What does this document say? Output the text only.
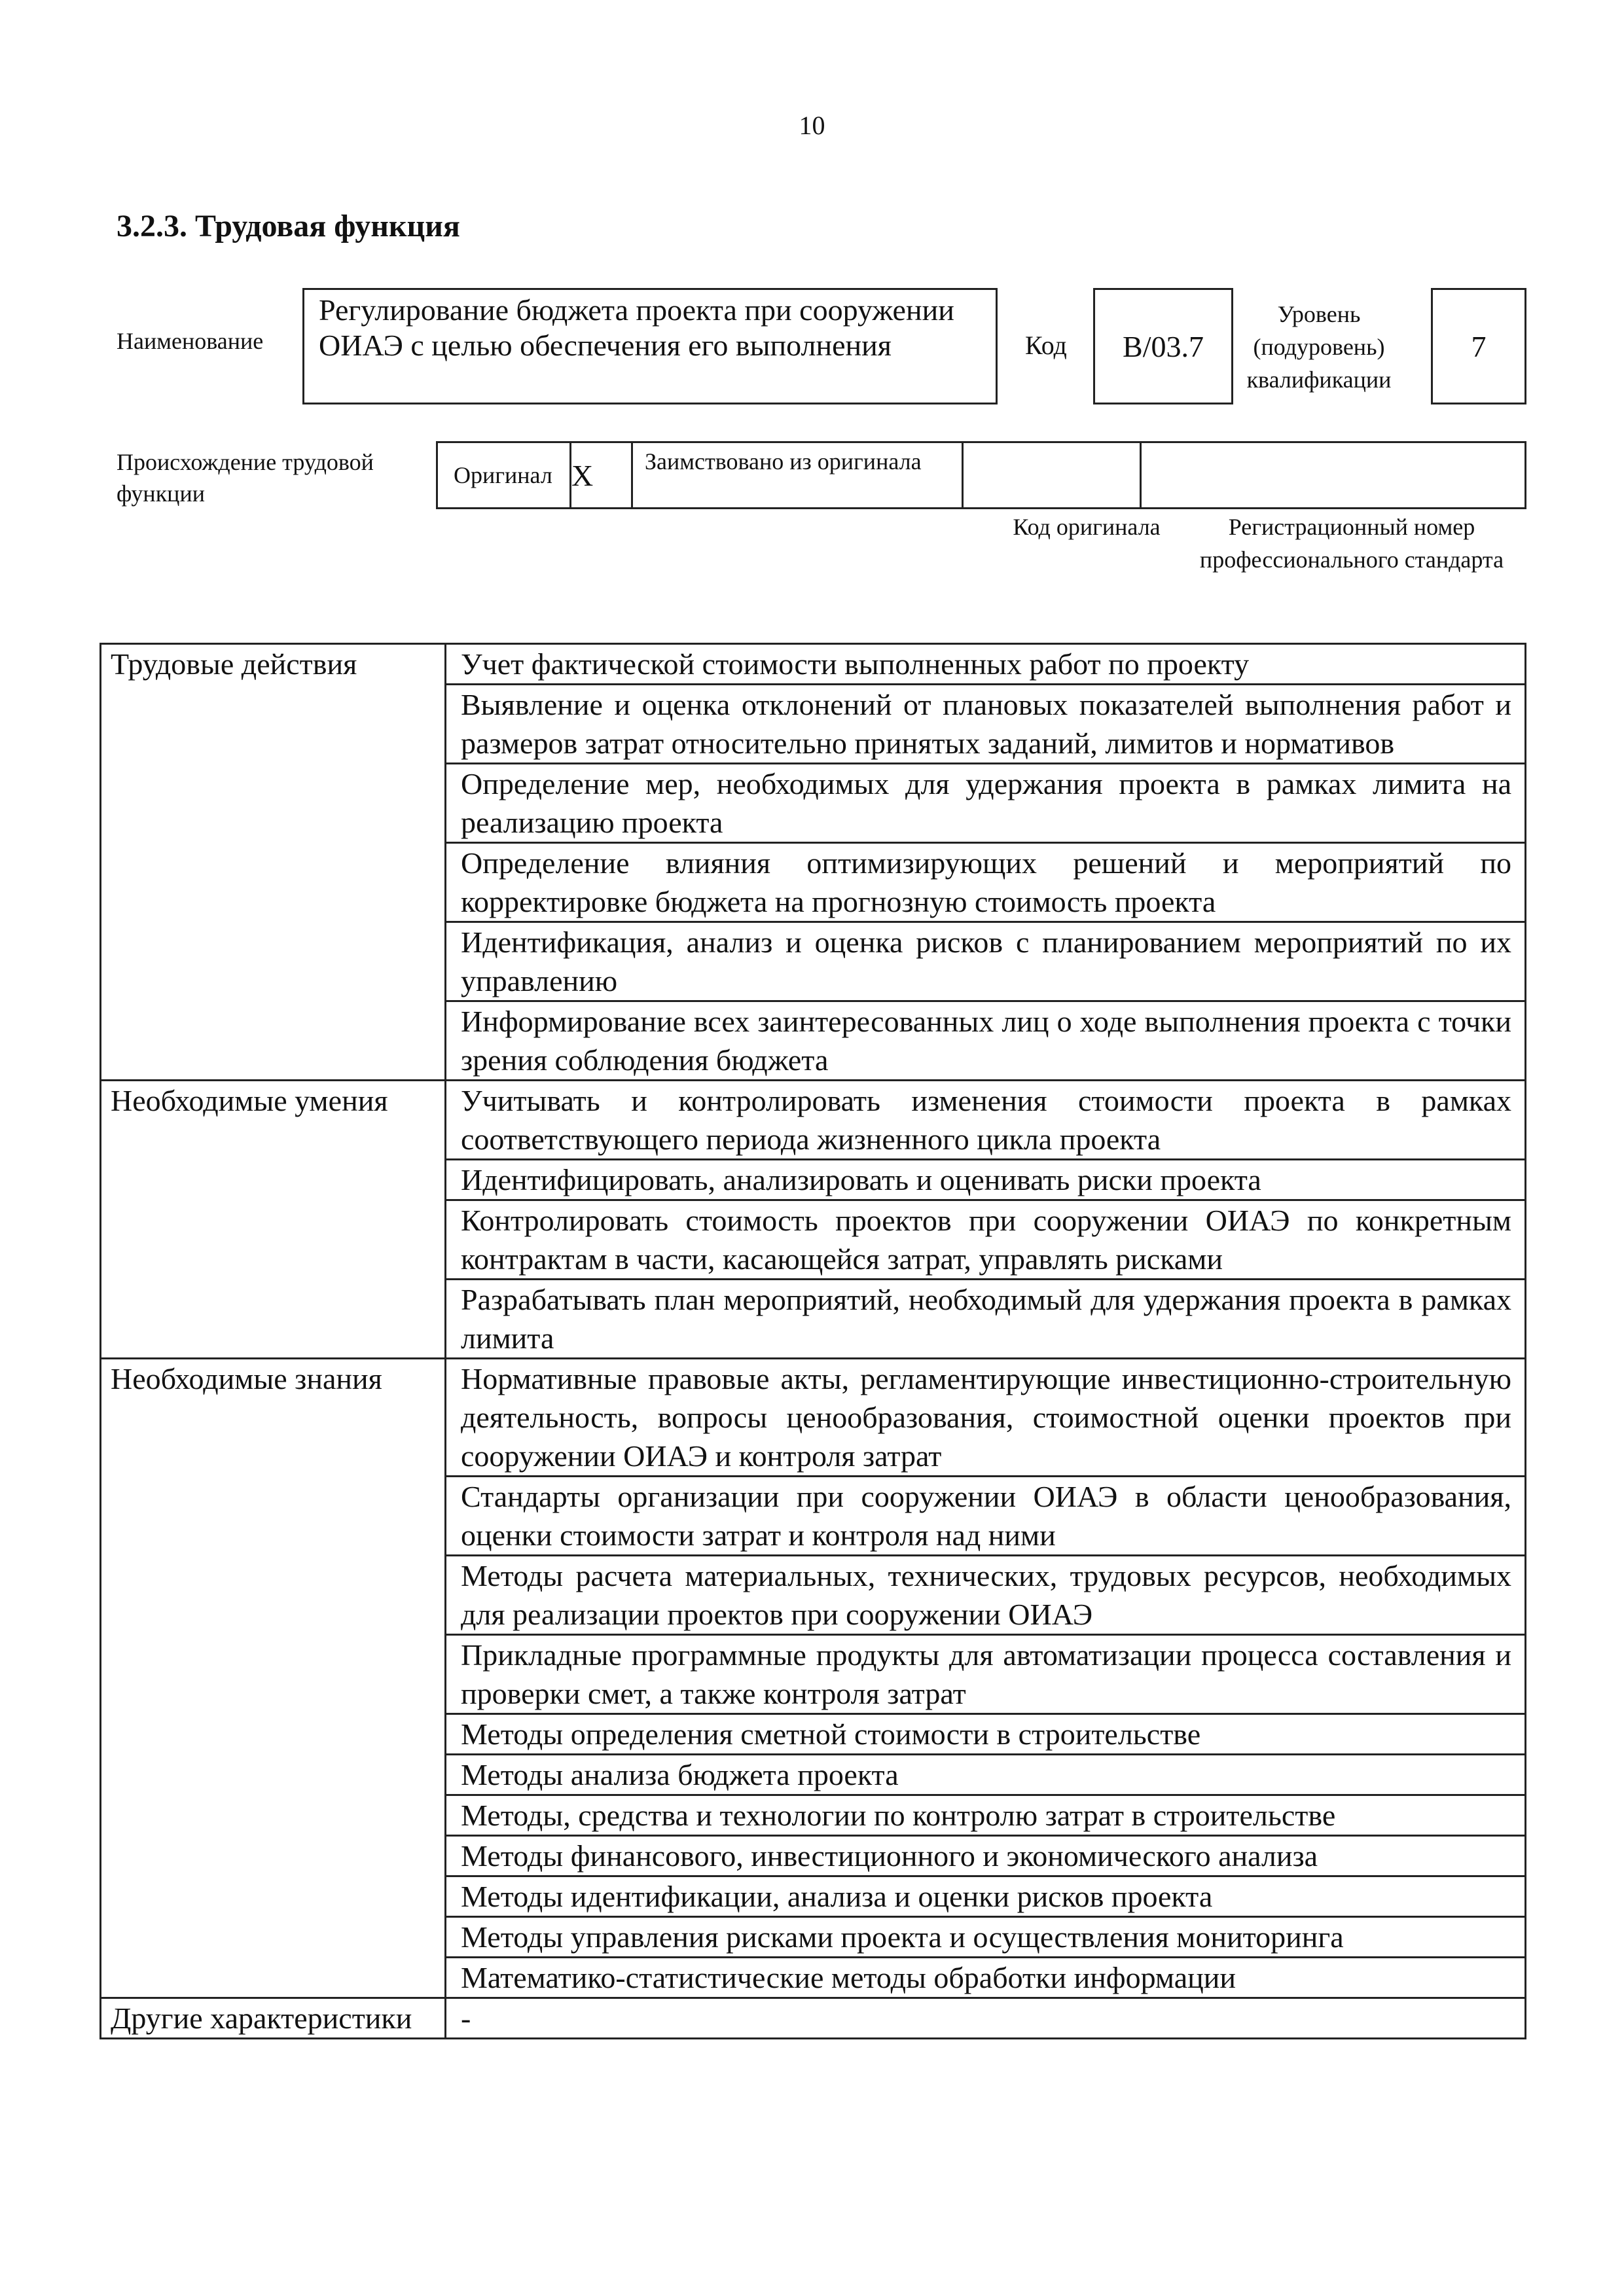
10
3.2.3. Трудовая функция
Наименование
Регулирование бюджета проекта при сооружении ОИАЭ с целью обеспечения его выполнения	Код	B/03.7
Уровень (подуровень) квалификации
7
Происхождение трудовой функции
Оригинал X	Заимствовано из оригинала
Код оригинала	Регистрационный номер профессионального стандарта
Трудовые действия	Учет фактической стоимости выполненных работ по проекту
	Выявление и оценка отклонений от плановых показателей выполнения работ и размеров затрат относительно принятых заданий, лимитов и нормативов
	Определение мер, необходимых для удержания проекта в рамках лимита на реализацию проекта
	Определение влияния оптимизирующих решений и мероприятий по корректировке бюджета на прогнозную стоимость проекта
	Идентификация, анализ и оценка рисков с планированием мероприятий по их управлению
	Информирование всех заинтересованных лиц о ходе выполнения проекта с точки зрения соблюдения бюджета
Необходимые умения	Учитывать и контролировать изменения стоимости проекта в рамках соответствующего периода жизненного цикла проекта
	Идентифицировать, анализировать и оценивать риски проекта
	Контролировать стоимость проектов при сооружении ОИАЭ по конкретным контрактам в части, касающейся затрат, управлять рисками
	Разрабатывать план мероприятий, необходимый для удержания проекта в рамках лимита
Необходимые знания	Нормативные правовые акты, регламентирующие инвестиционно-строительную деятельность, вопросы ценообразования, стоимостной оценки проектов при сооружении ОИАЭ и контроля затрат
	Стандарты организации при сооружении ОИАЭ в области ценообразования, оценки стоимости затрат и контроля над ними
	Методы расчета материальных, технических, трудовых ресурсов, необходимых для реализации проектов при сооружении ОИАЭ
	Прикладные программные продукты для автоматизации процесса составления и проверки смет, а также контроля затрат
	Методы определения сметной стоимости в строительстве
	Методы анализа бюджета проекта
	Методы, средства и технологии по контролю затрат в строительстве
	Методы финансового, инвестиционного и экономического анализа
	Методы идентификации, анализа и оценки рисков проекта
	Методы управления рисками проекта и осуществления мониторинга
	Математико-статистические методы обработки информации
Другие характеристики	-
